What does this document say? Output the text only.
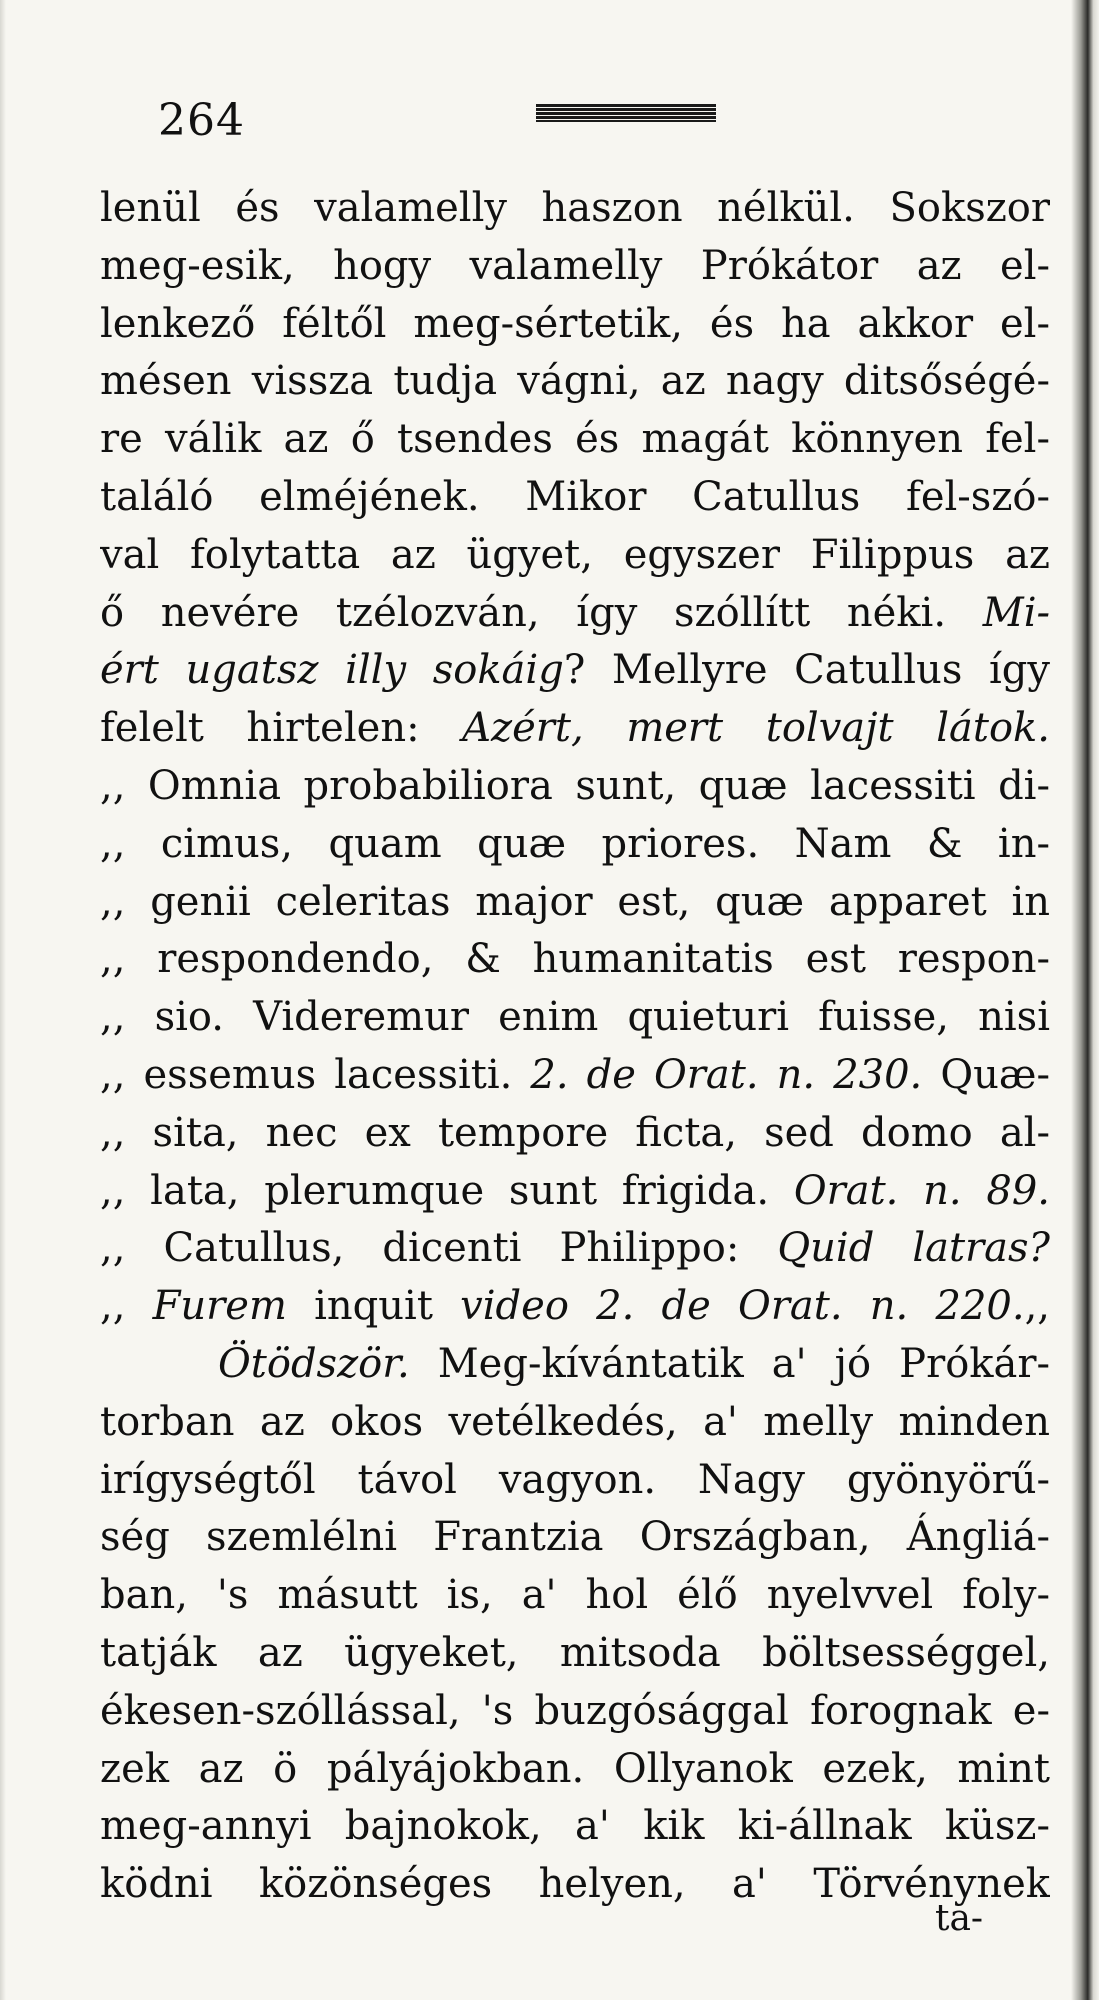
264
lenül és valamelly haszon nélkül. Sokszor
meg-esik, hogy valamelly Prókátor az el-
lenkező féltől meg-sértetik, és ha akkor el-
mésen vissza tudja vágni, az nagy ditsőségé-
re válik az ő tsendes és magát könnyen fel-
találó elméjének. Mikor Catullus fel-szó-
val folytatta az ügyet, egyszer Filippus az
ő nevére tzélozván, így szóllítt néki. Mi-
ért ugatsz illy sokáig? Mellyre Catullus így
felelt hirtelen: Azért, mert tolvajt látok.
,, Omnia probabiliora sunt, quæ lacessiti di-
,, cimus, quam quæ priores. Nam & in-
,, genii celeritas major est, quæ apparet in
,, respondendo, & humanitatis est respon-
,, sio. Videremur enim quieturi fuisse, nisi
,, essemus lacessiti. 2. de Orat. n. 230. Quæ-
,, sita, nec ex tempore ficta, sed domo al-
,, lata, plerumque sunt frigida. Orat. n. 89.
,, Catullus, dicenti Philippo: Quid latras?
,, Furem inquit video 2. de Orat. n. 220.,,
Ötödször. Meg-kívántatik a' jó Prókár-
torban az okos vetélkedés, a' melly minden
irígységtől távol vagyon. Nagy gyönyörű-
ség szemlélni Frantzia Országban, Ángliá-
ban, 's másutt is, a' hol élő nyelvvel foly-
tatják az ügyeket, mitsoda böltsességgel,
ékesen-szóllással, 's buzgósággal forognak e-
zek az ö pályájokban. Ollyanok ezek, mint
meg-annyi bajnokok, a' kik ki-állnak küsz-
ködni közönséges helyen, a' Törvénynek
ta-
